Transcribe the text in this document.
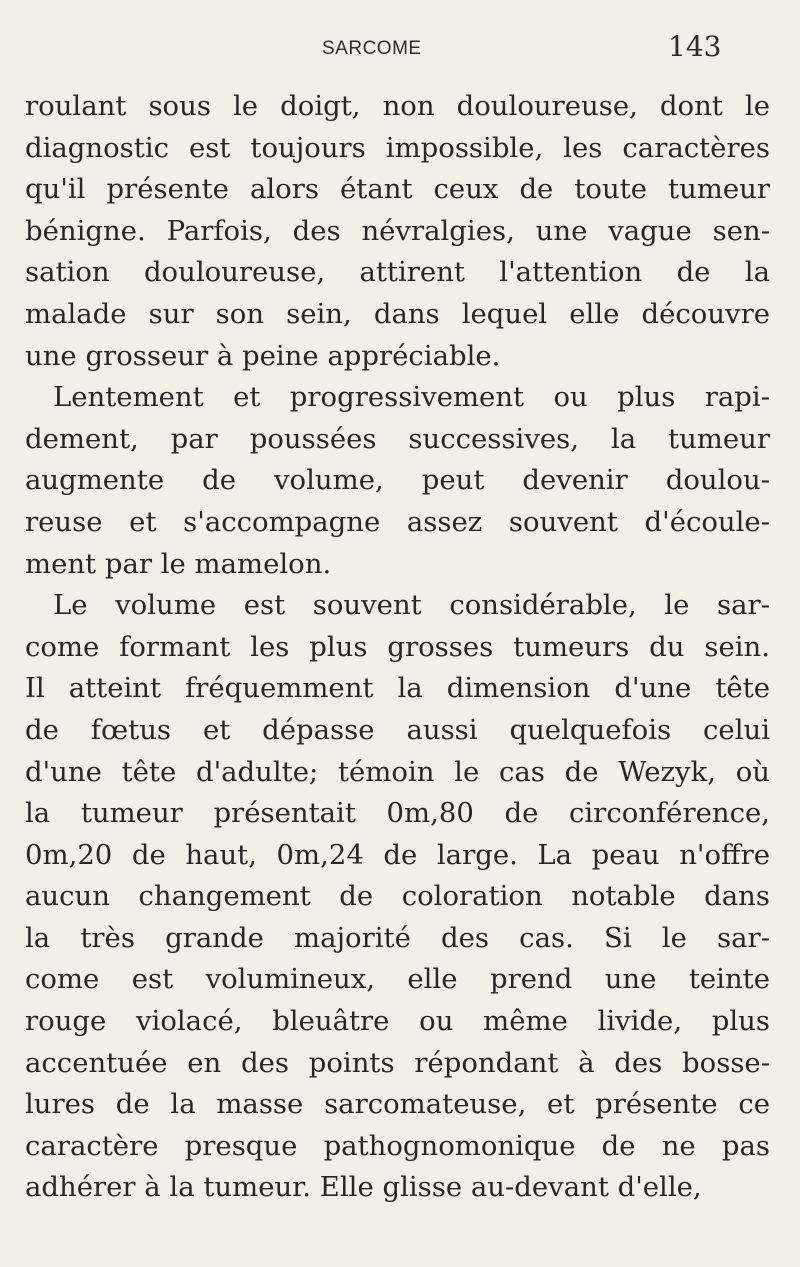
SARCOME	143
roulant sous le doigt, non douloureuse, dont le
diagnostic est toujours impossible, les caractères
qu'il présente alors étant ceux de toute tumeur
bénigne. Parfois, des névralgies, une vague sen-
sation douloureuse, attirent l'attention de la
malade sur son sein, dans lequel elle découvre
une grosseur à peine appréciable.
Lentement et progressivement ou plus rapi-
dement, par poussées successives, la tumeur
augmente de volume, peut devenir doulou-
reuse et s'accompagne assez souvent d'écoule-
ment par le mamelon.
Le volume est souvent considérable, le sar-
come formant les plus grosses tumeurs du sein.
Il atteint fréquemment la dimension d'une tête
de fœtus et dépasse aussi quelquefois celui
d'une tête d'adulte; témoin le cas de Wezyk, où
la tumeur présentait 0m,80 de circonférence,
0m,20 de haut, 0m,24 de large. La peau n'offre
aucun changement de coloration notable dans
la très grande majorité des cas. Si le sar-
come est volumineux, elle prend une teinte
rouge violacé, bleuâtre ou même livide, plus
accentuée en des points répondant à des bosse-
lures de la masse sarcomateuse, et présente ce
caractère presque pathognomonique de ne pas
adhérer à la tumeur. Elle glisse au-devant d'elle,
